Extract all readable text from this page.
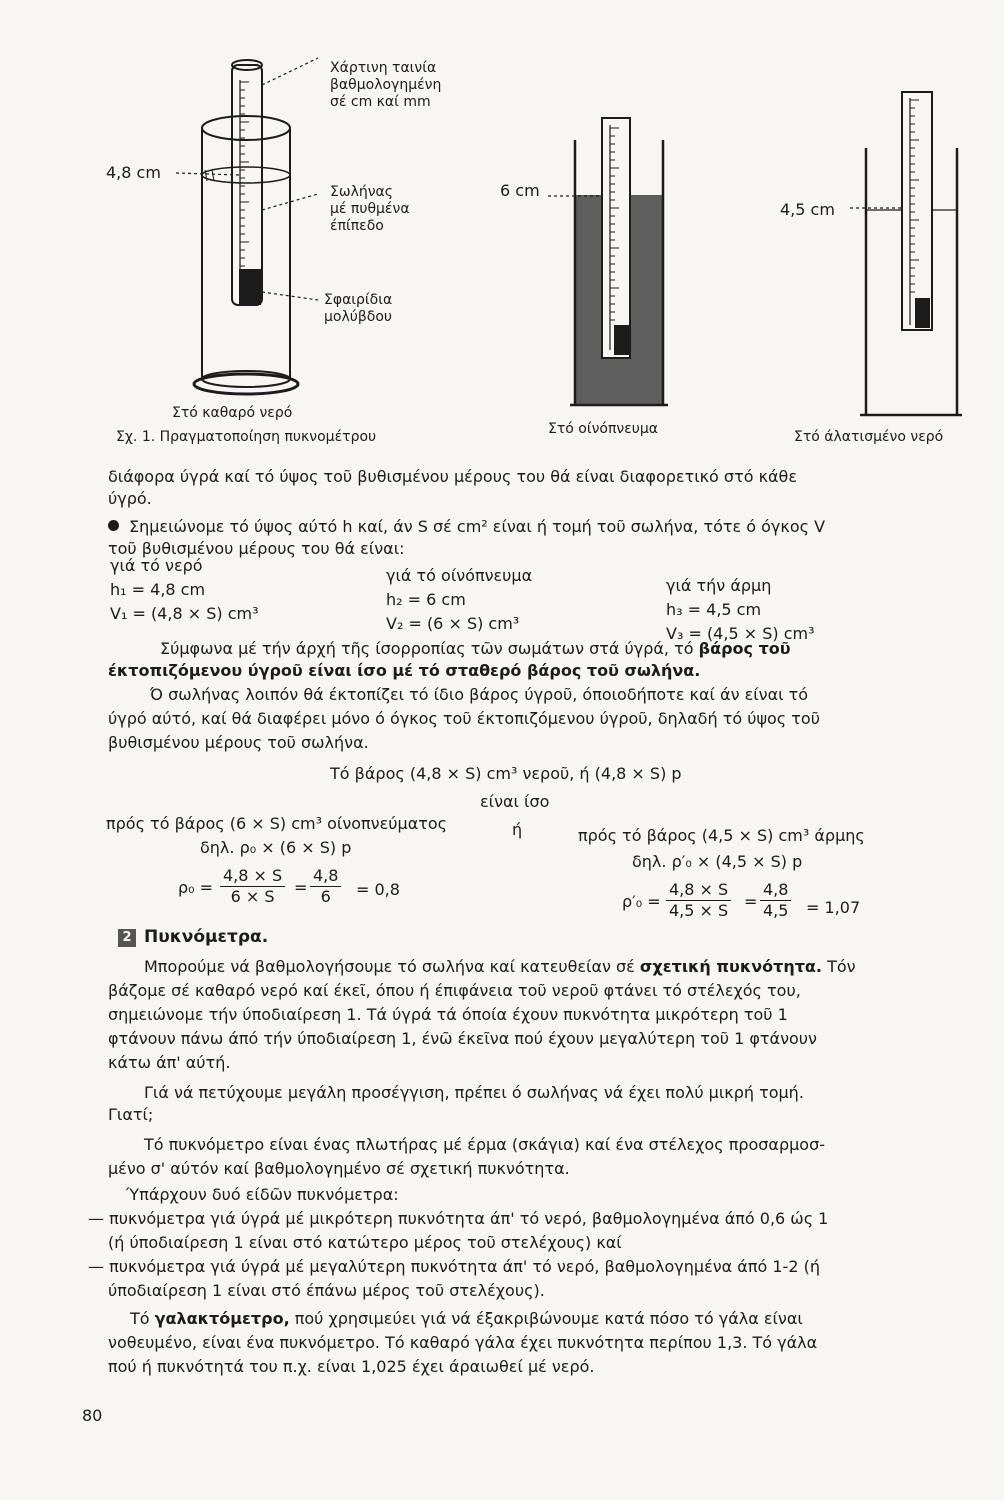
Χάρτινη ταινία
βαθμολογημένη
σέ cm καί mm
Σωλήνας
μέ πυθμένα
έπίπεδο
Σφαιρίδια
μολύβδου
4,8 cm
6 cm
4,5 cm
Στό καθαρό νερό
Στό οίνόπνευμα	Στό άλατισμένο νερό
Σχ. 1. Πραγματοποίηση πυκνομέτρου
διάφορα ύγρά καί τό ύψος τοῦ βυθισμένου μέρους του θά είναι διαφορετικό στό κάθε
ύγρό.
Σημειώνομε τό ύψος αύτό h καί, άν S σέ cm² είναι ή τομή τοῦ σωλήνα, τότε ό όγκος V
τοῦ βυθισμένου μέρους του θά είναι:
γιά τό νερό
h₁ = 4,8 cm
V₁ = (4,8 × S) cm³
γιά τό οίνόπνευμα
h₂ = 6 cm
V₂ = (6 × S) cm³
γιά τήν άρμη
h₃ = 4,5 cm
V₃ = (4,5 × S) cm³
Σύμφωνα μέ τήν άρχή τῆς ίσορροπίας τῶν σωμάτων στά ύγρά, τό βάρος τοῦ
έκτοπιζόμενου ύγροῦ είναι ίσο μέ τό σταθερό βάρος τοῦ σωλήνα.
Ό σωλήνας λοιπόν θά έκτοπίζει τό ίδιο βάρος ύγροῦ, όποιοδήποτε καί άν είναι τό
ύγρό αύτό, καί θά διαφέρει μόνο ό όγκος τοῦ έκτοπιζόμενου ύγροῦ, δηλαδή τό ύψος τοῦ
βυθισμένου μέρους τοῦ σωλήνα.
Τό βάρος (4,8 × S) cm³ νεροῦ, ή (4,8 × S) p
είναι ίσο
πρός τό βάρος (6 × S) cm³ οίνοπνεύματος	ή	πρός τό βάρος (4,5 × S) cm³ άρμης
δηλ. ρ₀ × (6 × S) p
δηλ. ρ′₀ × (4,5 × S) p
$\rho_0 = \frac{4,8 \times S}{6 \times S} = \frac{4,8}{6} = 0,8$
$\rho'_0 = \frac{4,8 \times S}{4,5 \times S} = \frac{4,8}{4,5} = 1,07$
2 Πυκνόμετρα.
Μπορούμε νά βαθμολογήσουμε τό σωλήνα καί κατευθείαν σέ σχετική πυκνότητα. Τόν
βάζομε σέ καθαρό νερό καί έκεῖ, όπου ή έπιφάνεια τοῦ νεροῦ φτάνει τό στέλεχός του,
σημειώνομε τήν ύποδιαίρεση 1. Τά ύγρά τά όποία έχουν πυκνότητα μικρότερη τοῦ 1
φτάνουν πάνω άπό τήν ύποδιαίρεση 1, ένῶ έκεῖνα πού έχουν μεγαλύτερη τοῦ 1 φτάνουν
κάτω άπ' αύτή.
Γιά νά πετύχουμε μεγάλη προσέγγιση, πρέπει ό σωλήνας νά έχει πολύ μικρή τομή.
Γιατί;
Τό πυκνόμετρο είναι ένας πλωτήρας μέ έρμα (σκάγια) καί ένα στέλεχος προσαρμοσ-
μένο σ' αύτόν καί βαθμολογημένο σέ σχετική πυκνότητα.
Ύπάρχουν δυό είδῶν πυκνόμετρα:
— πυκνόμετρα γιά ύγρά μέ μικρότερη πυκνότητα άπ' τό νερό, βαθμολογημένα άπό 0,6 ώς 1
(ή ύποδιαίρεση 1 είναι στό κατώτερο μέρος τοῦ στελέχους) καί
— πυκνόμετρα γιά ύγρά μέ μεγαλύτερη πυκνότητα άπ' τό νερό, βαθμολογημένα άπό 1-2 (ή
ύποδιαίρεση 1 είναι στό έπάνω μέρος τοῦ στελέχους).
Τό γαλακτόμετρο, πού χρησιμεύει γιά νά έξακριβώνουμε κατά πόσο τό γάλα είναι
νοθευμένο, είναι ένα πυκνόμετρο. Τό καθαρό γάλα έχει πυκνότητα περίπου 1,3. Τό γάλα
πού ή πυκνότητά του π.χ. είναι 1,025 έχει άραιωθεί μέ νερό.
80
